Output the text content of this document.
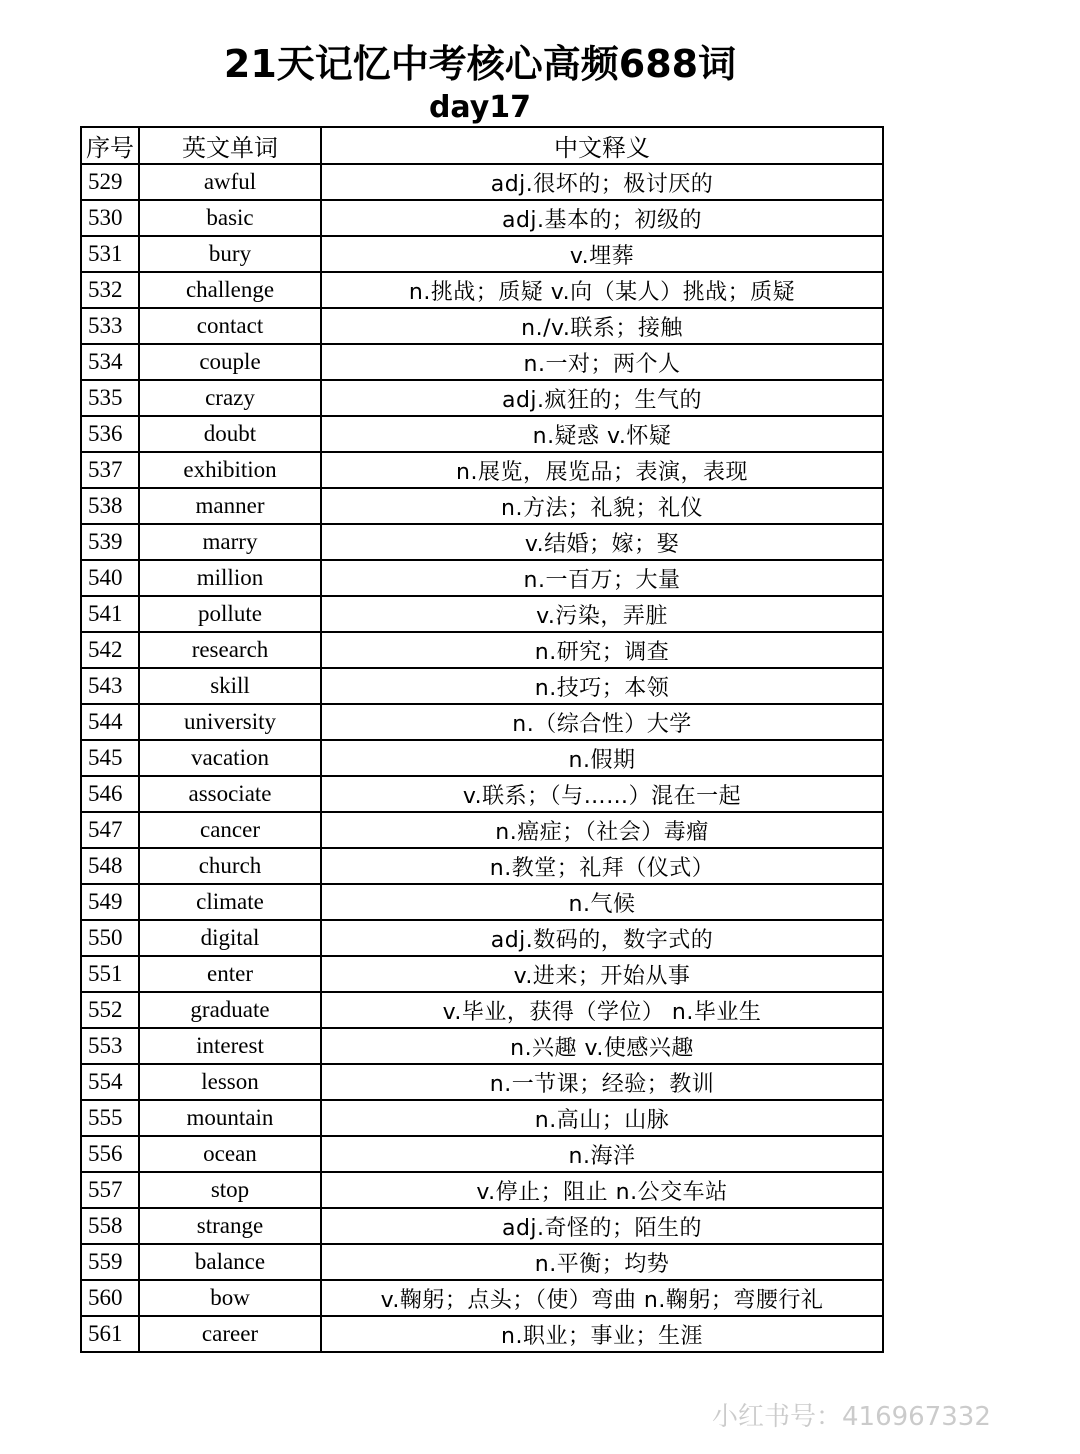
21天记忆中考核心高频688词
day17
序号	英文单词	中文释义
529	awful	adj.很坏的；极讨厌的
530	basic	adj.基本的；初级的
531	bury	v.埋葬
532	challenge	n.挑战；质疑 v.向（某人）挑战；质疑
533	contact	n./v.联系；接触
534	couple	n.一对；两个人
535	crazy	adj.疯狂的；生气的
536	doubt	n.疑惑 v.怀疑
537	exhibition	n.展览，展览品；表演，表现
538	manner	n.方法；礼貌；礼仪
539	marry	v.结婚；嫁；娶
540	million	n.一百万；大量
541	pollute	v.污染，弄脏
542	research	n.研究；调查
543	skill	n.技巧；本领
544	university	n.（综合性）大学
545	vacation	n.假期
546	associate	v.联系；（与……）混在一起
547	cancer	n.癌症；（社会）毒瘤
548	church	n.教堂；礼拜（仪式）
549	climate	n.气候
550	digital	adj.数码的，数字式的
551	enter	v.进来；开始从事
552	graduate	v.毕业，获得（学位） n.毕业生
553	interest	n.兴趣 v.使感兴趣
554	lesson	n.一节课；经验；教训
555	mountain	n.高山；山脉
556	ocean	n.海洋
557	stop	v.停止；阻止 n.公交车站
558	strange	adj.奇怪的；陌生的
559	balance	n.平衡；均势
560	bow	v.鞠躬；点头；（使）弯曲 n.鞠躬；弯腰行礼
561	career	n.职业；事业；生涯
小红书号：416967332
